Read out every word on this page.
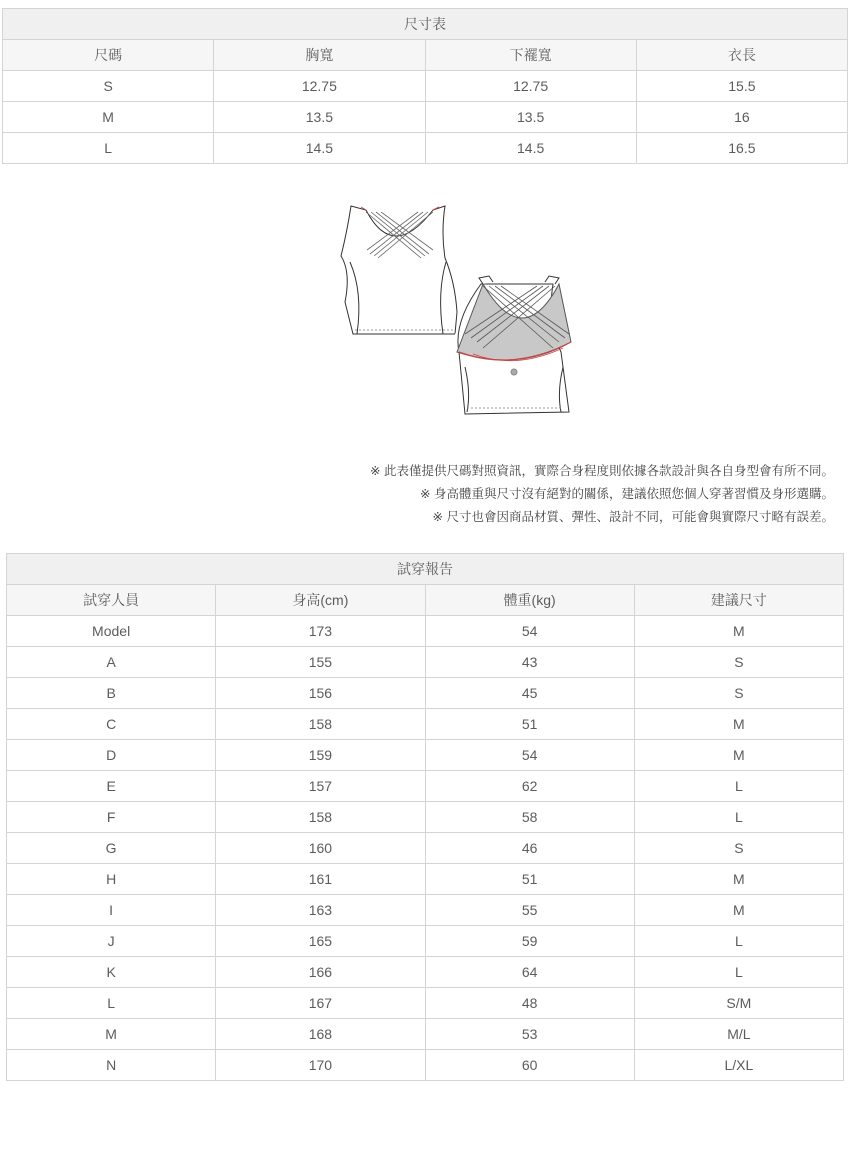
尺寸表			
尺碼	胸寬	下襬寬	衣長
S	12.75	12.75	15.5
M	13.5	13.5	16
L	14.5	14.5	16.5
※ 此表僅提供尺碼對照資訊，實際合身程度則依據各款設計與各自身型會有所不同。
※ 身高體重與尺寸沒有絕對的關係，建議依照您個人穿著習慣及身形選購。
※ 尺寸也會因商品材質、彈性、設計不同，可能會與實際尺寸略有誤差。
試穿報告			
試穿人員	身高(cm)	體重(kg)	建議尺寸
Model	173	54	M
A	155	43	S
B	156	45	S
C	158	51	M
D	159	54	M
E	157	62	L
F	158	58	L
G	160	46	S
H	161	51	M
I	163	55	M
J	165	59	L
K	166	64	L
L	167	48	S/M
M	168	53	M/L
N	170	60	L/XL
